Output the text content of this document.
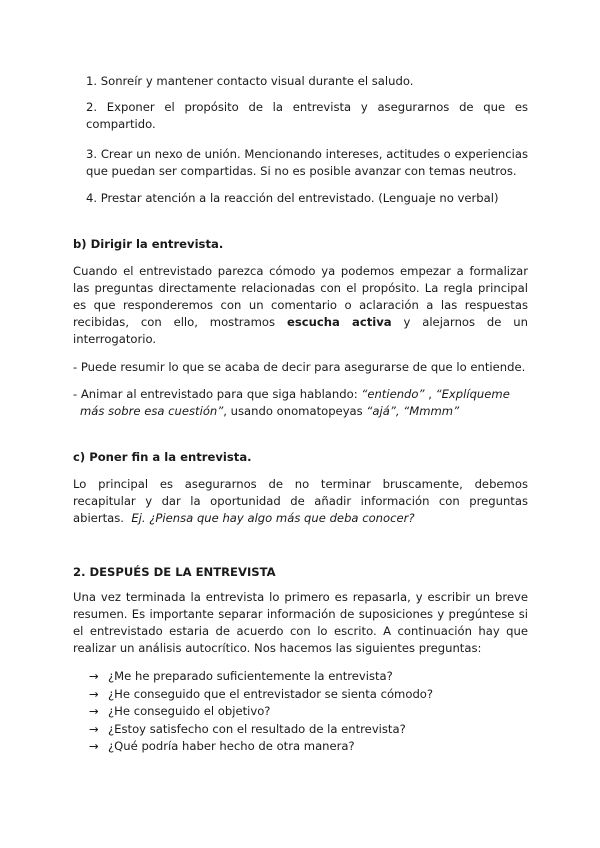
1. Sonreír y mantener contacto visual durante el saludo.

2. Exponer el propósito de la entrevista y asegurarnos de que es compartido.

3. Crear un nexo de unión. Mencionando intereses, actitudes o experiencias que puedan ser compartidas. Si no es posible avanzar con temas neutros.

4. Prestar atención a la reacción del entrevistado. (Lenguaje no verbal)

b) Dirigir la entrevista.

Cuando el entrevistado parezca cómodo ya podemos empezar a formalizar las preguntas directamente relacionadas con el propósito. La regla principal es que responderemos con un comentario o aclaración a las respuestas recibidas, con ello, mostramos escucha activa y alejarnos de un interrogatorio.

- Puede resumir lo que se acaba de decir para asegurarse de que lo entiende.

- Animar al entrevistado para que siga hablando: “entiendo” , “Explíqueme
más sobre esa cuestión”, usando onomatopeyas “ajá”, “Mmmm”

c) Poner fin a la entrevista.

Lo principal es asegurarnos de no terminar bruscamente, debemos recapitular y dar la oportunidad de añadir información con preguntas abiertas. Ej. ¿Piensa que hay algo más que deba conocer?

2. DESPUÉS DE LA ENTREVISTA

Una vez terminada la entrevista lo primero es repasarla, y escribir un breve resumen. Es importante separar información de suposiciones y pregúntese si el entrevistado estaria de acuerdo con lo escrito. A continuación hay que realizar un análisis autocrítico. Nos hacemos las siguientes preguntas:

→ ¿Me he preparado suficientemente la entrevista?
→ ¿He conseguido que el entrevistador se sienta cómodo?
→ ¿He conseguido el objetivo?
→ ¿Estoy satisfecho con el resultado de la entrevista?
→ ¿Qué podría haber hecho de otra manera?
